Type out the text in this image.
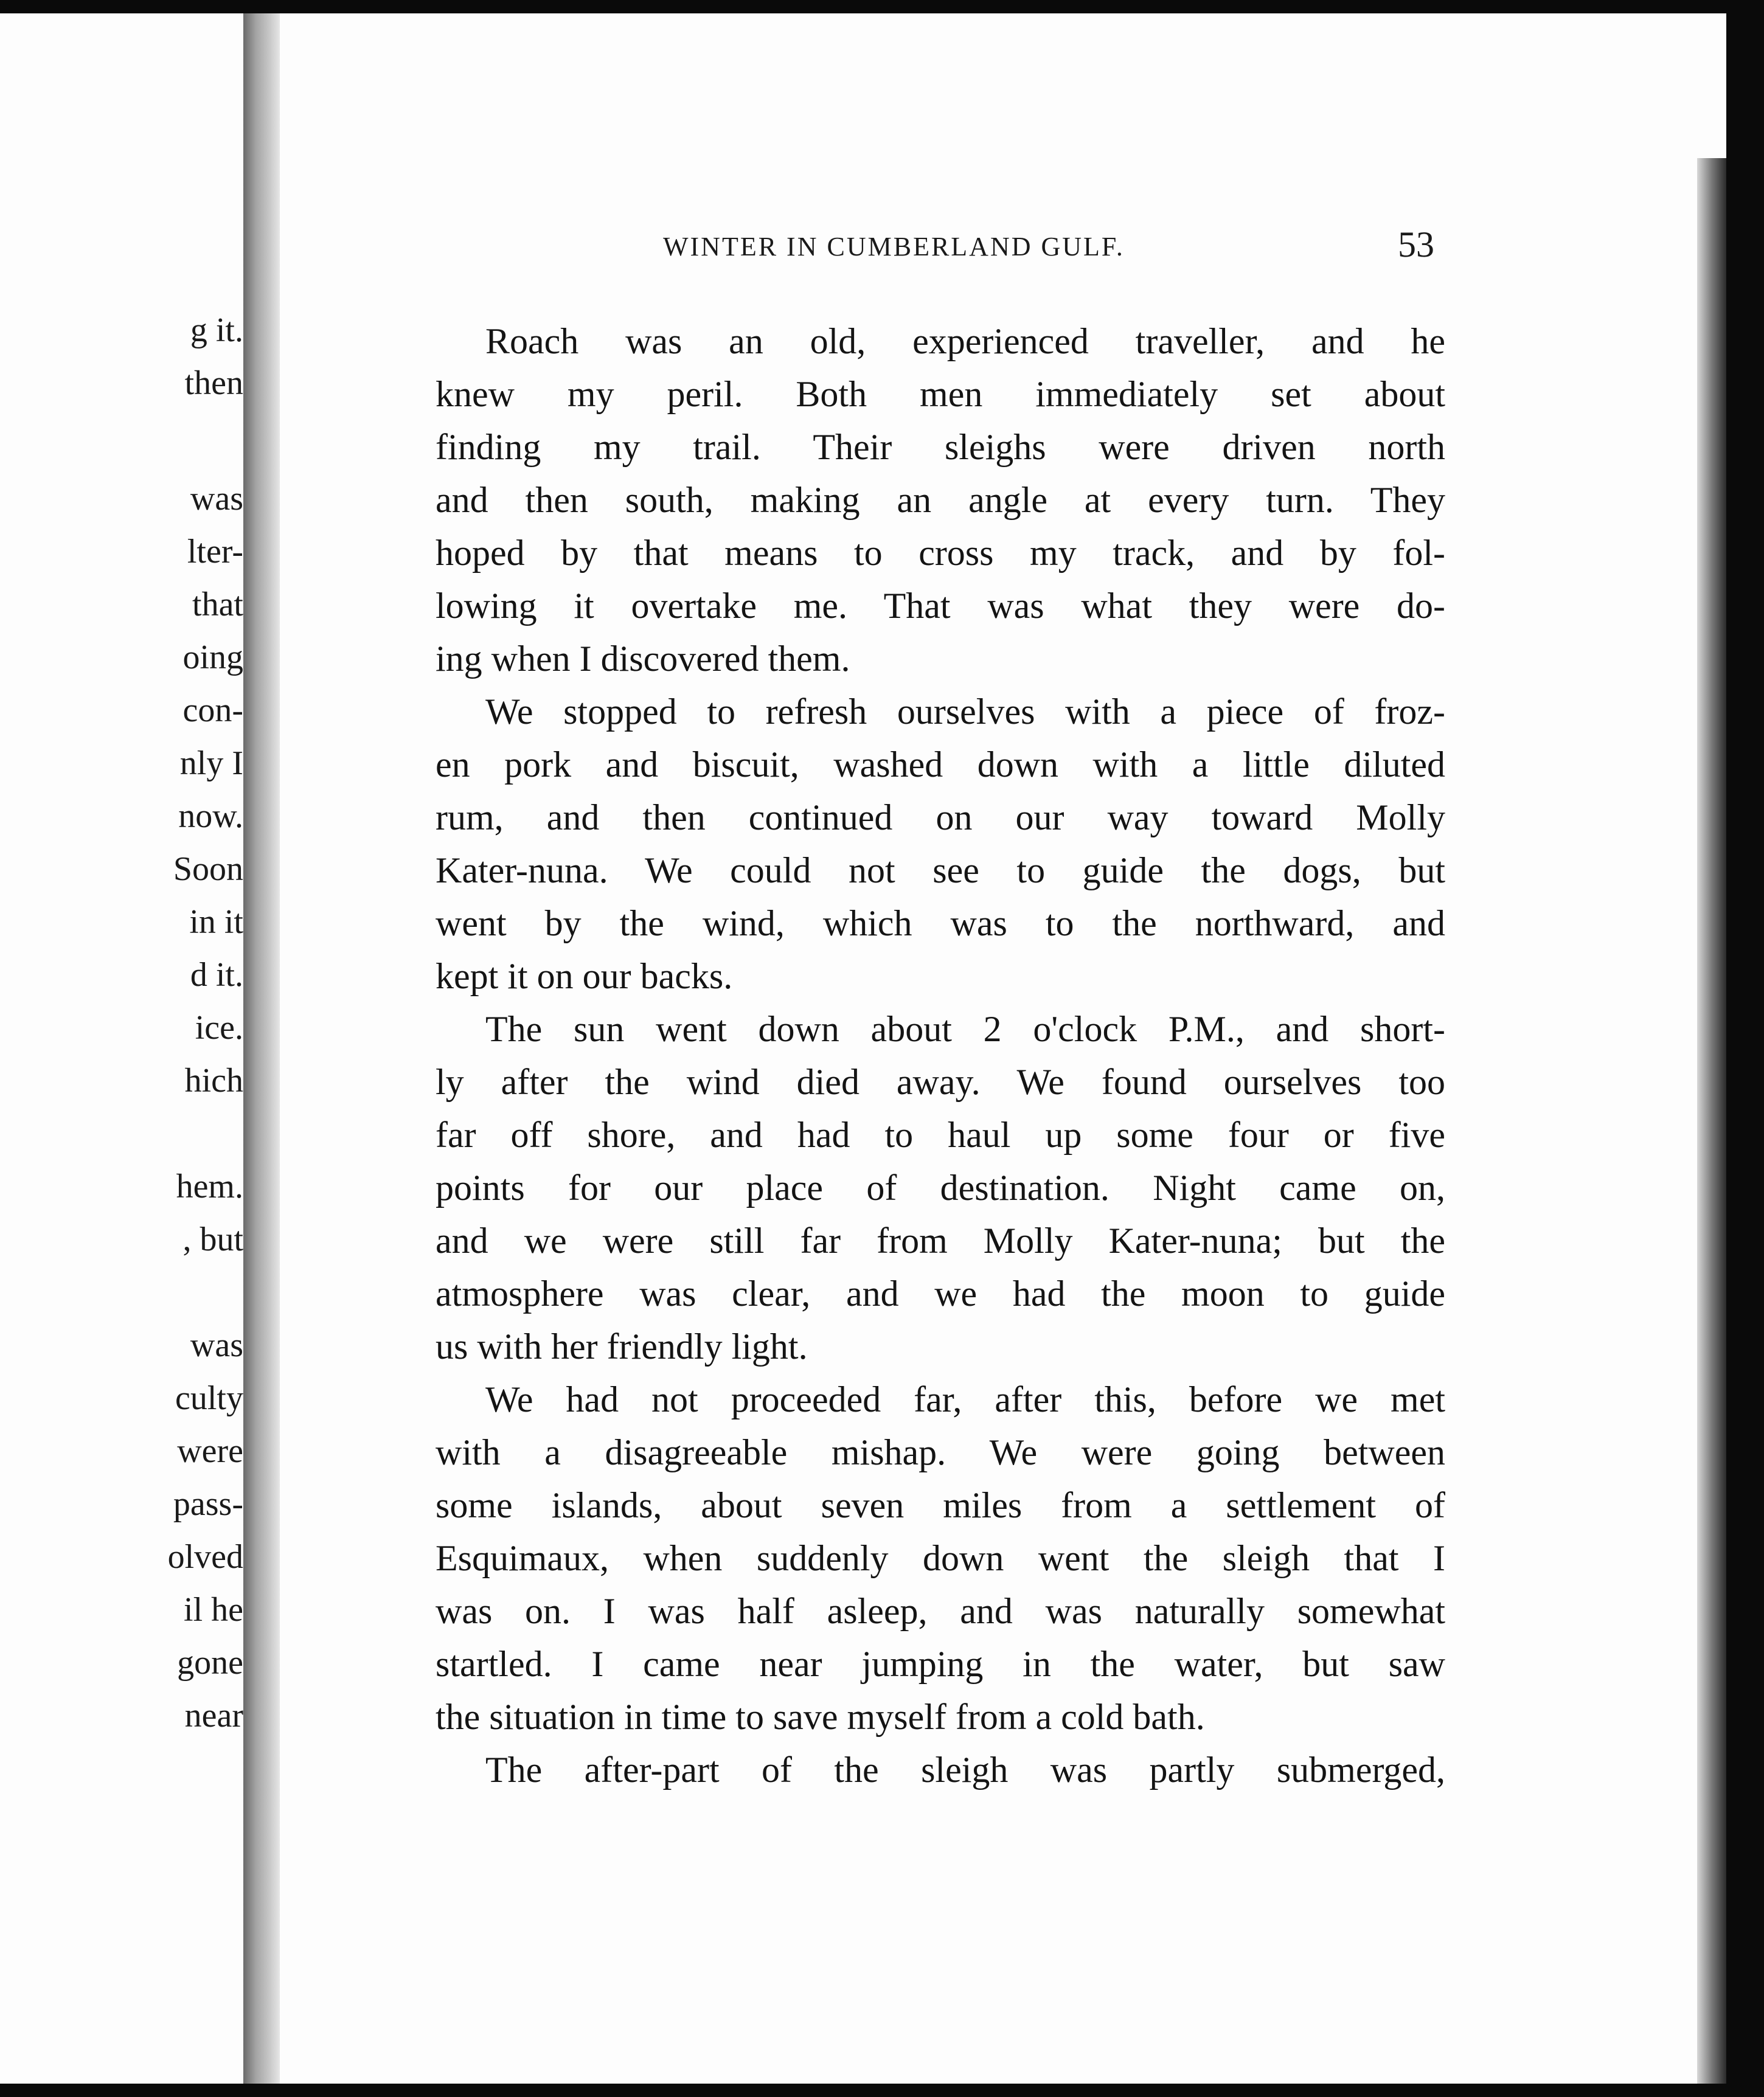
g it.

then

was

lter-

that

oing

con-

nly I

now.

Soon

in it

d it.

ice.

hich

hem.

, but

was

culty

were

pass-

olved

il he

gone

near

WINTER IN CUMBERLAND GULF.	53

Roach was an old, experienced traveller, and he
knew my peril. Both men immediately set about
finding my trail. Their sleighs were driven north
and then south, making an angle at every turn. They
hoped by that means to cross my track, and by fol-
lowing it overtake me. That was what they were do-
ing when I discovered them.
We stopped to refresh ourselves with a piece of froz-
en pork and biscuit, washed down with a little diluted
rum, and then continued on our way toward Molly
Kater-nuna. We could not see to guide the dogs, but
went by the wind, which was to the northward, and
kept it on our backs.
The sun went down about 2 o'clock P.M., and short-
ly after the wind died away. We found ourselves too
far off shore, and had to haul up some four or five
points for our place of destination. Night came on,
and we were still far from Molly Kater-nuna; but the
atmosphere was clear, and we had the moon to guide
us with her friendly light.
We had not proceeded far, after this, before we met
with a disagreeable mishap. We were going between
some islands, about seven miles from a settlement of
Esquimaux, when suddenly down went the sleigh that I
was on. I was half asleep, and was naturally somewhat
startled. I came near jumping in the water, but saw
the situation in time to save myself from a cold bath.
The after-part of the sleigh was partly submerged,
